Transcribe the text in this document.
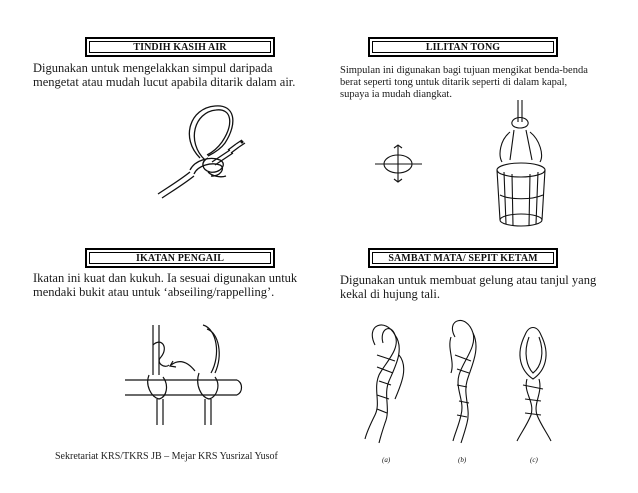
TINDIH KASIH AIR
Digunakan untuk mengelakkan simpul daripada mengetat atau mudah lucut apabila ditarik dalam air.
LILITAN TONG
Simpulan ini digunakan bagi tujuan mengikat benda-benda berat seperti tong untuk ditarik seperti di dalam kapal, supaya ia mudah diangkat.
IKATAN PENGAIL
Ikatan ini kuat dan kukuh. Ia sesuai digunakan untuk mendaki bukit atau untuk ‘abseiling/rappelling’.
SAMBAT MATA/ SEPIT KETAM
Digunakan untuk membuat gelung atau tanjul yang kekal di hujung tali.
(a)	(b)	(c)
Sekretariat KRS/TKRS JB – Mejar KRS Yusrizal Yusof
